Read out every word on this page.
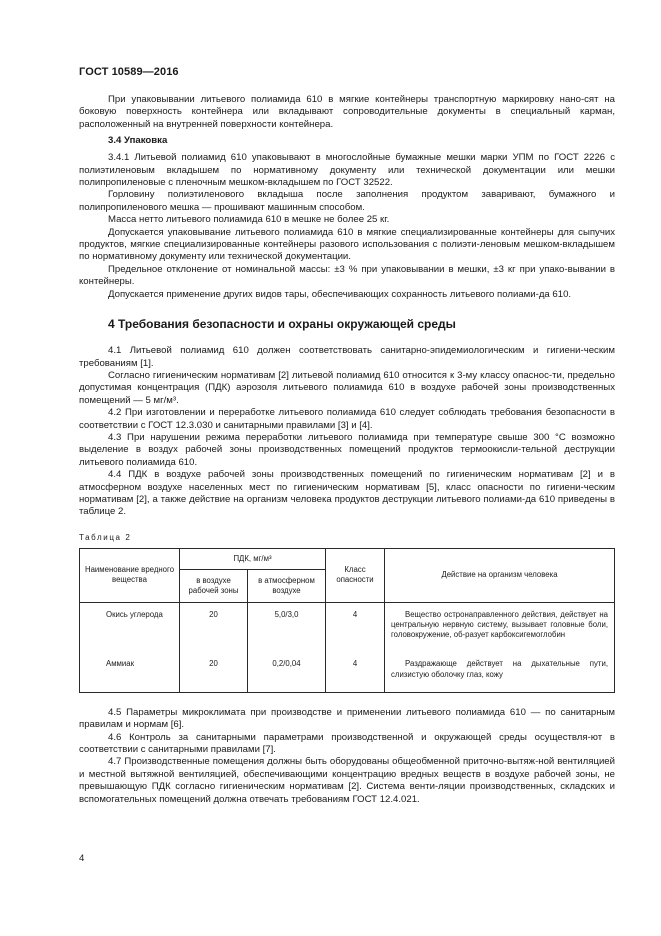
ГОСТ 10589—2016

При упаковывании литьевого полиамида 610 в мягкие контейнеры транспортную маркировку нано-сят на боковую поверхность контейнера или вкладывают сопроводительные документы в специальный карман, расположенный на внутренней поверхности контейнера.

3.4 Упаковка

3.4.1 Литьевой полиамид 610 упаковывают в многослойные бумажные мешки марки УПМ по ГОСТ 2226 с полиэтиленовым вкладышем по нормативному документу или технической документации или мешки полипропиленовые с пленочным мешком-вкладышем по ГОСТ 32522.

Горловину полиэтиленового вкладыша после заполнения продуктом заваривают, бумажного и полипропиленового мешка — прошивают машинным способом.

Масса нетто литьевого полиамида 610 в мешке не более 25 кг.

Допускается упаковывание литьевого полиамида 610 в мягкие специализированные контейнеры для сыпучих продуктов, мягкие специализированные контейнеры разового использования с полиэти-леновым мешком-вкладышем по нормативному документу или технической документации.

Предельное отклонение от номинальной массы: ±3 % при упаковывании в мешки, ±3 кг при упако-вывании в контейнеры.

Допускается применение других видов тары, обеспечивающих сохранность литьевого полиами-да 610.

4 Требования безопасности и охраны окружающей среды

4.1 Литьевой полиамид 610 должен соответствовать санитарно-эпидемиологическим и гигиени-ческим требованиям [1].

Согласно гигиеническим нормативам [2] литьевой полиамид 610 относится к 3-му классу опаснос-ти, предельно допустимая концентрация (ПДК) аэрозоля литьевого полиамида 610 в воздухе рабочей зоны производственных помещений — 5 мг/м³.

4.2 При изготовлении и переработке литьевого полиамида 610 следует соблюдать требования безопасности в соответствии с ГОСТ 12.3.030 и санитарными правилами [3] и [4].

4.3 При нарушении режима переработки литьевого полиамида при температуре свыше 300 °С возможно выделение в воздух рабочей зоны производственных помещений продуктов термоокисли-тельной деструкции литьевого полиамида 610.

4.4 ПДК в воздухе рабочей зоны производственных помещений по гигиеническим нормативам [2] и в атмосферном воздухе населенных мест по гигиеническим нормативам [5], класс опасности по гигиени-ческим нормативам [2], а также действие на организм человека продуктов деструкции литьевого полиами-да 610 приведены в таблице 2.

Таблица 2
Наименование вредного вещества	ПДК, мг/м³		Класс опасности	Действие на организм человека
	в воздухе рабочей зоны	в атмосферном воздухе		
Окись углерода	20	5,0/3,0	4	Вещество остронаправленного действия, действует на центральную нервную систему, вызывает головные боли, головокружение, об-разует карбоксигемоглобин
Аммиак	20	0,2/0,04	4	Раздражающе действует на дыхательные пути, слизистую оболочку глаз, кожу

4.5 Параметры микроклимата при производстве и применении литьевого полиамида 610 — по санитарным правилам и нормам [6].

4.6 Контроль за санитарными параметрами производственной и окружающей среды осуществля-ют в соответствии с санитарными правилами [7].

4.7 Производственные помещения должны быть оборудованы общеобменной приточно-вытяж-ной вентиляцией и местной вытяжной вентиляцией, обеспечивающими концентрацию вредных веществ в воздухе рабочей зоны, не превышающую ПДК согласно гигиеническим нормативам [2]. Система венти-ляции производственных, складских и вспомогательных помещений должна отвечать требованиям ГОСТ 12.4.021.

4
